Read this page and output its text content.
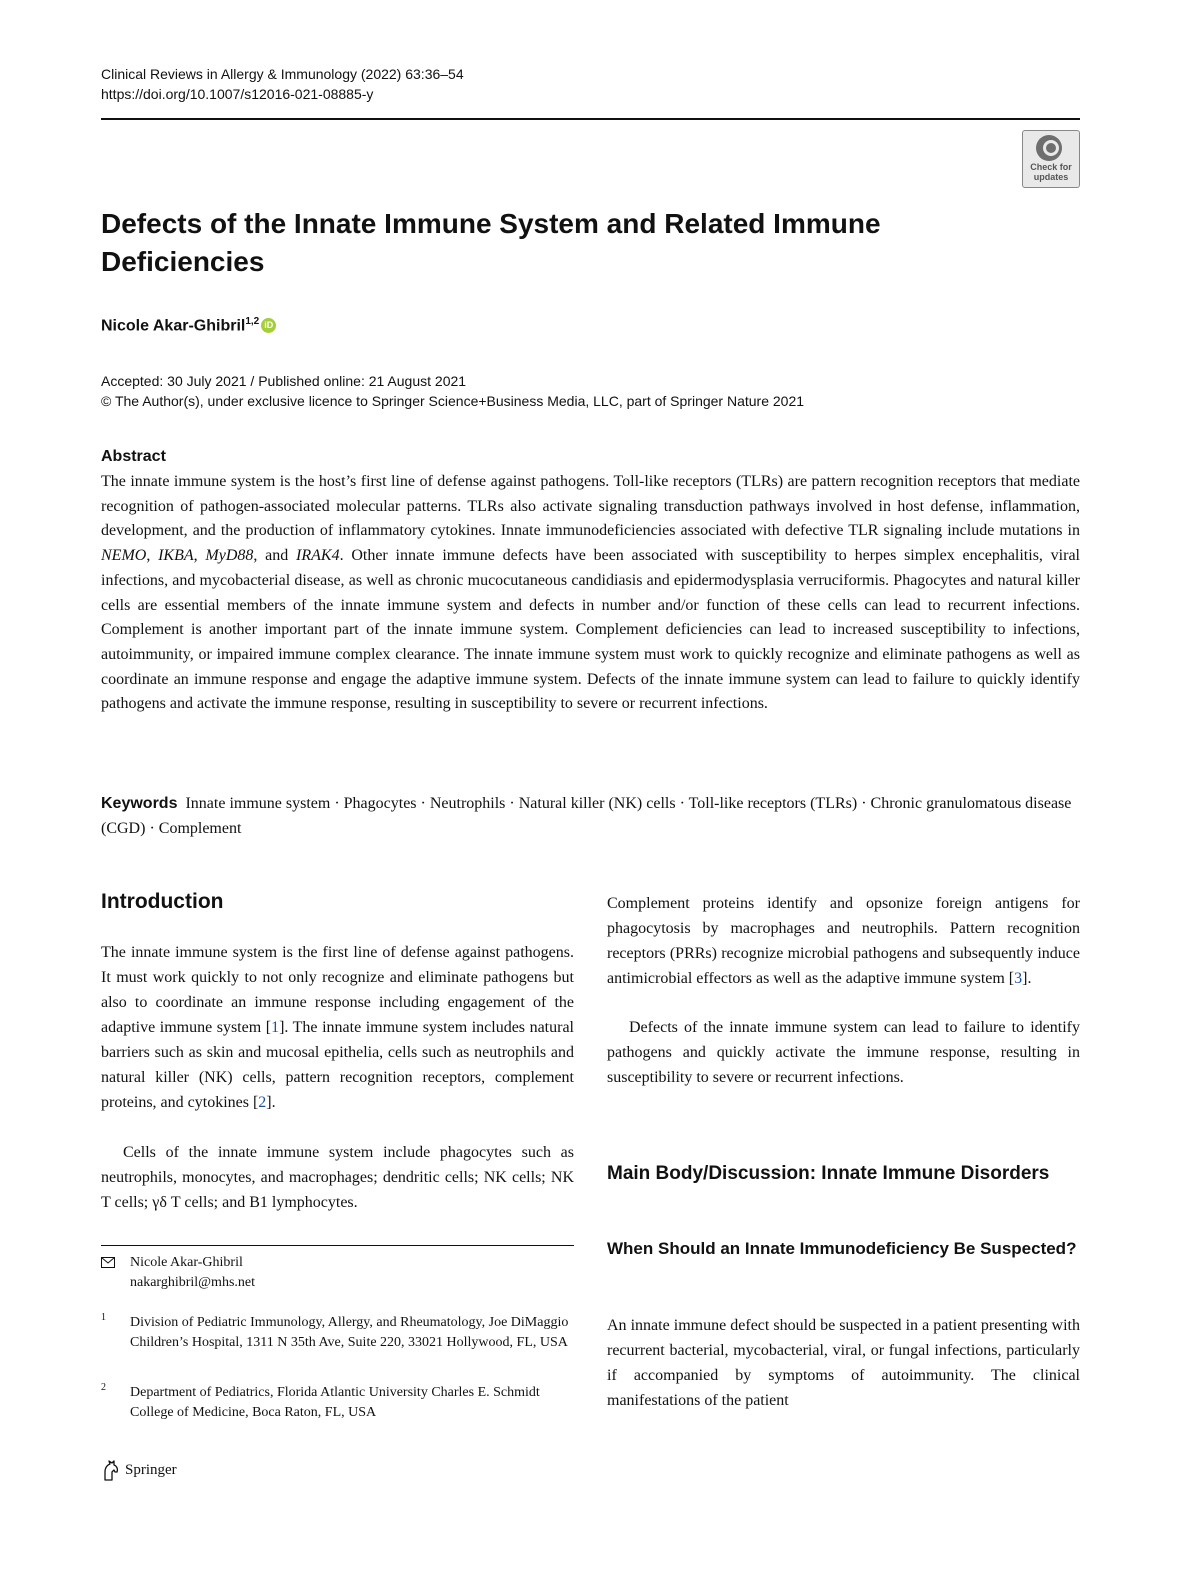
Clinical Reviews in Allergy & Immunology (2022) 63:36–54
https://doi.org/10.1007/s12016-021-08885-y
Check for updates
Defects of the Innate Immune System and Related Immune Deficiencies
Nicole Akar-Ghibril$^{1,2}$ iD
Accepted: 30 July 2021 / Published online: 21 August 2021
© The Author(s), under exclusive licence to Springer Science+Business Media, LLC, part of Springer Nature 2021
Abstract

The innate immune system is the host’s first line of defense against pathogens. Toll-like receptors (TLRs) are pattern recognition receptors that mediate recognition of pathogen-associated molecular patterns. TLRs also activate signaling transduction pathways involved in host defense, inflammation, development, and the production of inflammatory cytokines. Innate immunodeficiencies associated with defective TLR signaling include mutations in NEMO, IKBA, MyD88, and IRAK4. Other innate immune defects have been associated with susceptibility to herpes simplex encephalitis, viral infections, and mycobacterial disease, as well as chronic mucocutaneous candidiasis and epidermodysplasia verruciformis. Phagocytes and natural killer cells are essential members of the innate immune system and defects in number and/or function of these cells can lead to recurrent infections. Complement is another important part of the innate immune system. Complement deficiencies can lead to increased susceptibility to infections, autoimmunity, or impaired immune complex clearance. The innate immune system must work to quickly recognize and eliminate pathogens as well as coordinate an immune response and engage the adaptive immune system. Defects of the innate immune system can lead to failure to quickly identify pathogens and activate the immune response, resulting in susceptibility to severe or recurrent infections.

Keywords Innate immune system · Phagocytes · Neutrophils · Natural killer (NK) cells · Toll-like receptors (TLRs) · Chronic granulomatous disease (CGD) · Complement
Introduction

The innate immune system is the first line of defense against pathogens. It must work quickly to not only recognize and eliminate pathogens but also to coordinate an immune response including engagement of the adaptive immune system [1]. The innate immune system includes natural barriers such as skin and mucosal epithelia, cells such as neutrophils and natural killer (NK) cells, pattern recognition receptors, complement proteins, and cytokines [2].

Cells of the innate immune system include phagocytes such as neutrophils, monocytes, and macrophages; dendritic cells; NK cells; NK T cells; γδ T cells; and B1 lymphocytes.

Complement proteins identify and opsonize foreign antigens for phagocytosis by macrophages and neutrophils. Pattern recognition receptors (PRRs) recognize microbial pathogens and subsequently induce antimicrobial effectors as well as the adaptive immune system [3].

Defects of the innate immune system can lead to failure to identify pathogens and quickly activate the immune response, resulting in susceptibility to severe or recurrent infections.

Main Body/Discussion: Innate Immune Disorders
When Should an Innate Immunodeficiency Be Suspected?

An innate immune defect should be suspected in a patient presenting with recurrent bacterial, mycobacterial, viral, or fungal infections, particularly if accompanied by symptoms of autoimmunity. The clinical manifestations of the patient

Nicole Akar-Ghibril
nakarghibril@mhs.net
1 Division of Pediatric Immunology, Allergy, and Rheumatology, Joe DiMaggio Children’s Hospital, 1311 N 35th Ave, Suite 220, 33021 Hollywood, FL, USA
2 Department of Pediatrics, Florida Atlantic University Charles E. Schmidt College of Medicine, Boca Raton, FL, USA
Springer
